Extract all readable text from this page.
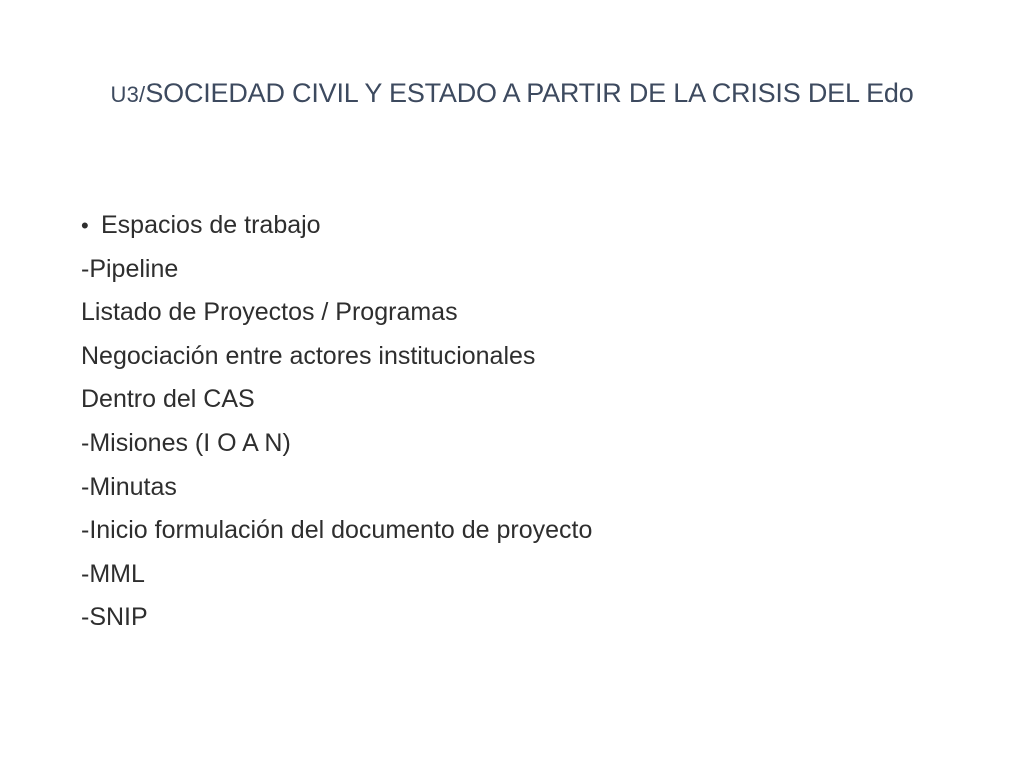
U3/SOCIEDAD CIVIL Y ESTADO A PARTIR DE LA CRISIS DEL Edo
• Espacios de trabajo
-Pipeline
Listado de Proyectos / Programas
Negociación entre actores institucionales
Dentro del CAS
-Misiones (I O A N)
-Minutas
-Inicio formulación del documento de proyecto
-MML
-SNIP
